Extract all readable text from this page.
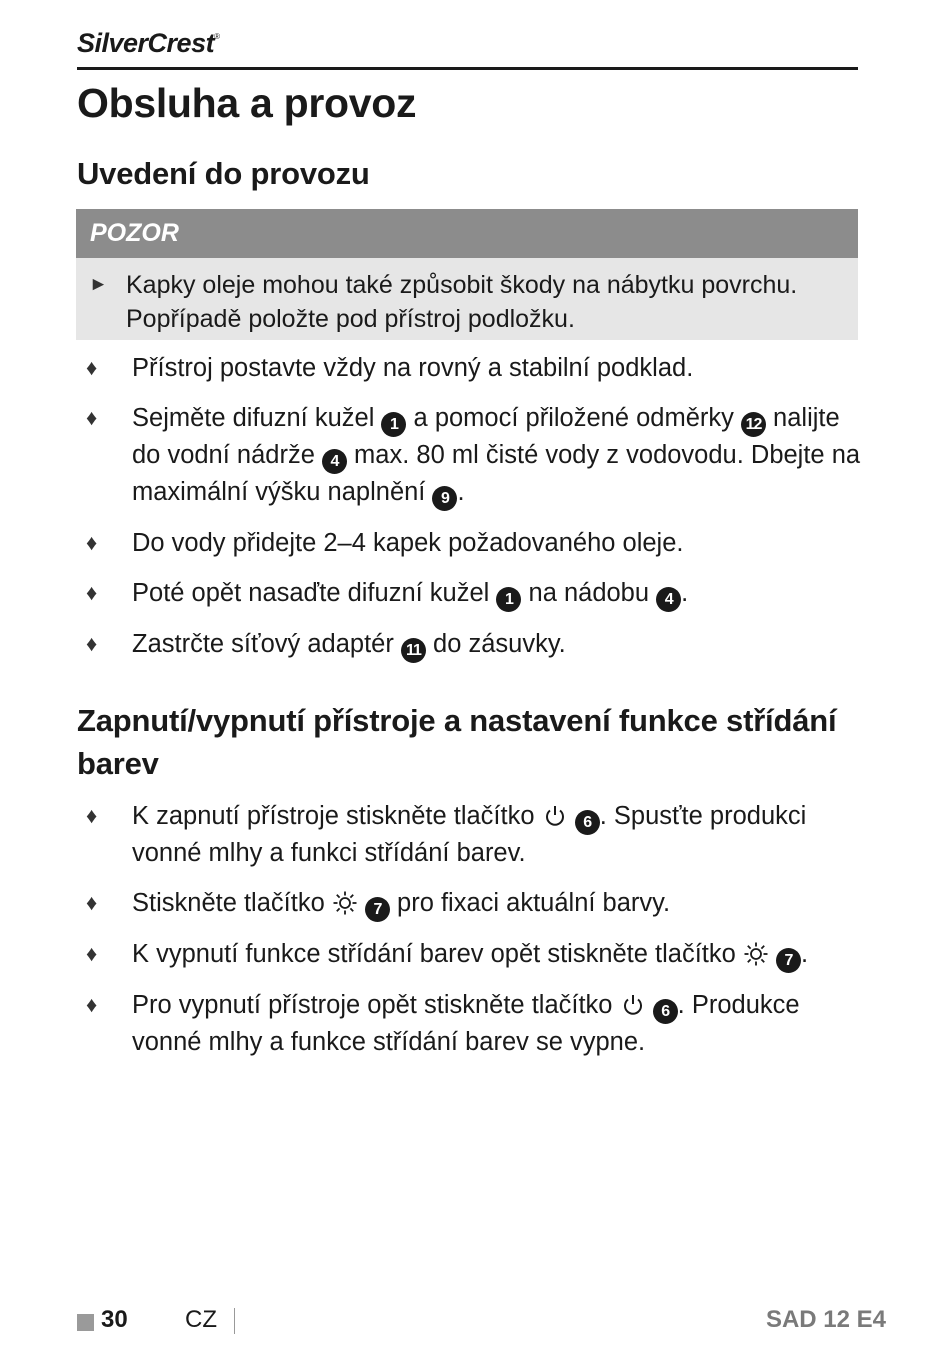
SilverCrest®
Obsluha a provoz
Uvedení do provozu
POZOR
► Kapky oleje mohou také způsobit škody na nábytku povrchu. Popřípadě položte pod přístroj podložku.
♦	Přístroj postavte vždy na rovný a stabilní podklad.
♦	Sejměte difuzní kužel 1 a pomocí přiložené odměrky 12 nalijte do vodní nádrže 4 max. 80 ml čisté vody z vodovodu. Dbejte na maximální výšku naplnění 9 .
♦	Do vody přidejte 2–4 kapek požadovaného oleje.
♦	Poté opět nasaďte difuzní kužel 1 na nádobu 4 .
♦	Zastrčte síťový adaptér 11 do zásuvky.
Zapnutí/vypnutí přístroje a nastavení funkce střídání barev
♦	K zapnutí přístroje stiskněte tlačítko	6 . Spusťte produkci vonné mlhy a funkci střídání barev.
♦	Stiskněte tlačítko	7 pro fixaci aktuální barvy.
♦	K vypnutí funkce střídání barev opět stiskněte tlačítko	7 .
♦	Pro vypnutí přístroje opět stiskněte tlačítko	6 . Produkce vonné mlhy a funkce střídání barev se vypne.
30 CZ	SAD 12 E4
